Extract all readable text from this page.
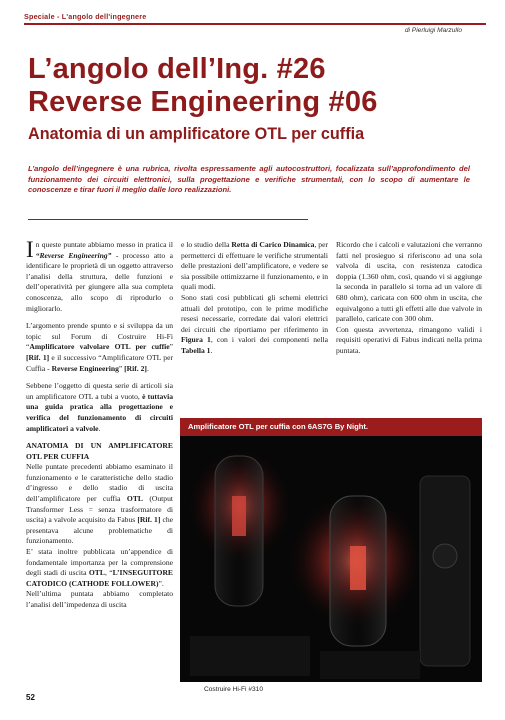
Speciale - L'angolo dell'ingegnere
di Pierluigi Marzullo
L’angolo dell’Ing. #26
Reverse Engineering #06
Anatomia di un amplificatore OTL per cuffia
L’angolo dell’ingegnere è una rubrica, rivolta espressamente agli autocostruttori, focalizzata sull’approfondimento del funzionamento dei circuiti elettronici, sulla progettazione e verifiche strumentali, con lo scopo di aumentare le conoscenze e tirar fuori il meglio dalle loro realizzazioni.

In queste puntate abbiamo messo in pratica il “Reverse Engineering” - processo atto a identificare le proprietà di un oggetto attraverso l’analisi della struttura, delle funzioni e dell’operatività per giungere alla sua completa conoscenza, allo scopo di riprodurlo o migliorarlo.

L’argomento prende spunto e si sviluppa da un topic sul Forum di Costruire Hi-Fi “Amplificatore valvolare OTL per cuffie” [Rif. 1] e il successivo “Amplificatore OTL per Cuffia - Reverse Engineering” [Rif. 2].

Sebbene l’oggetto di questa serie di articoli sia un amplificatore OTL a tubi a vuoto, è tuttavia una guida pratica alla progettazione e verifica del funzionamento di circuiti amplificatori a valvole.

ANATOMIA DI UN AMPLIFICATORE OTL PER CUFFIA

Nelle puntate precedenti abbiamo esaminato il funzionamento e le caratteristiche dello stadio d’ingresso e dello stadio di uscita dell’amplificatore per cuffia OTL (Output Transformer Less = senza trasformatore di uscita) a valvole acquisito da Fabus [Rif. 1] che presentava alcune problematiche di funzionamento.

E’ stata inoltre pubblicata un’appendice di fondamentale importanza per la comprensione degli stadi di uscita OTL, “L’INSEGUITORE CATODICO (CATHODE FOLLOWER)”.

Nell’ultima puntata abbiamo completato l’analisi dell’impedenza di uscita

e lo studio della Retta di Carico Dinamica, per permetterci di effettuare le verifiche strumentali delle prestazioni dell’amplificatore, e vedere se sia possibile ottimizzarne il funzionamento, e in quali modi.

Sono stati cosi pubblicati gli schemi elettrici attuali del prototipo, con le prime modifiche resesi necessarie, corredate dai valori elettrici dei circuiti che riportiamo per riferimento in Figura 1, con i valori dei componenti nella Tabella 1.

Ricordo che i calcoli e valutazioni che verranno fatti nel prosieguo si riferiscono ad una sola valvola di uscita, con resistenza catodica doppia (1.360 ohm, così, quando vi si aggiunge la seconda in parallelo si torna ad un valore di 680 ohm), caricata con 600 ohm in uscita, che equivalgono a tutti gli effetti alle due valvole in parallelo, caricate con 300 ohm.

Con questa avvertenza, rimangono validi i requisiti operativi di Fabus indicati nella prima puntata.

Amplificatore OTL per cuffia con 6AS7G By Night.
Costruire Hi-Fi #310
52
